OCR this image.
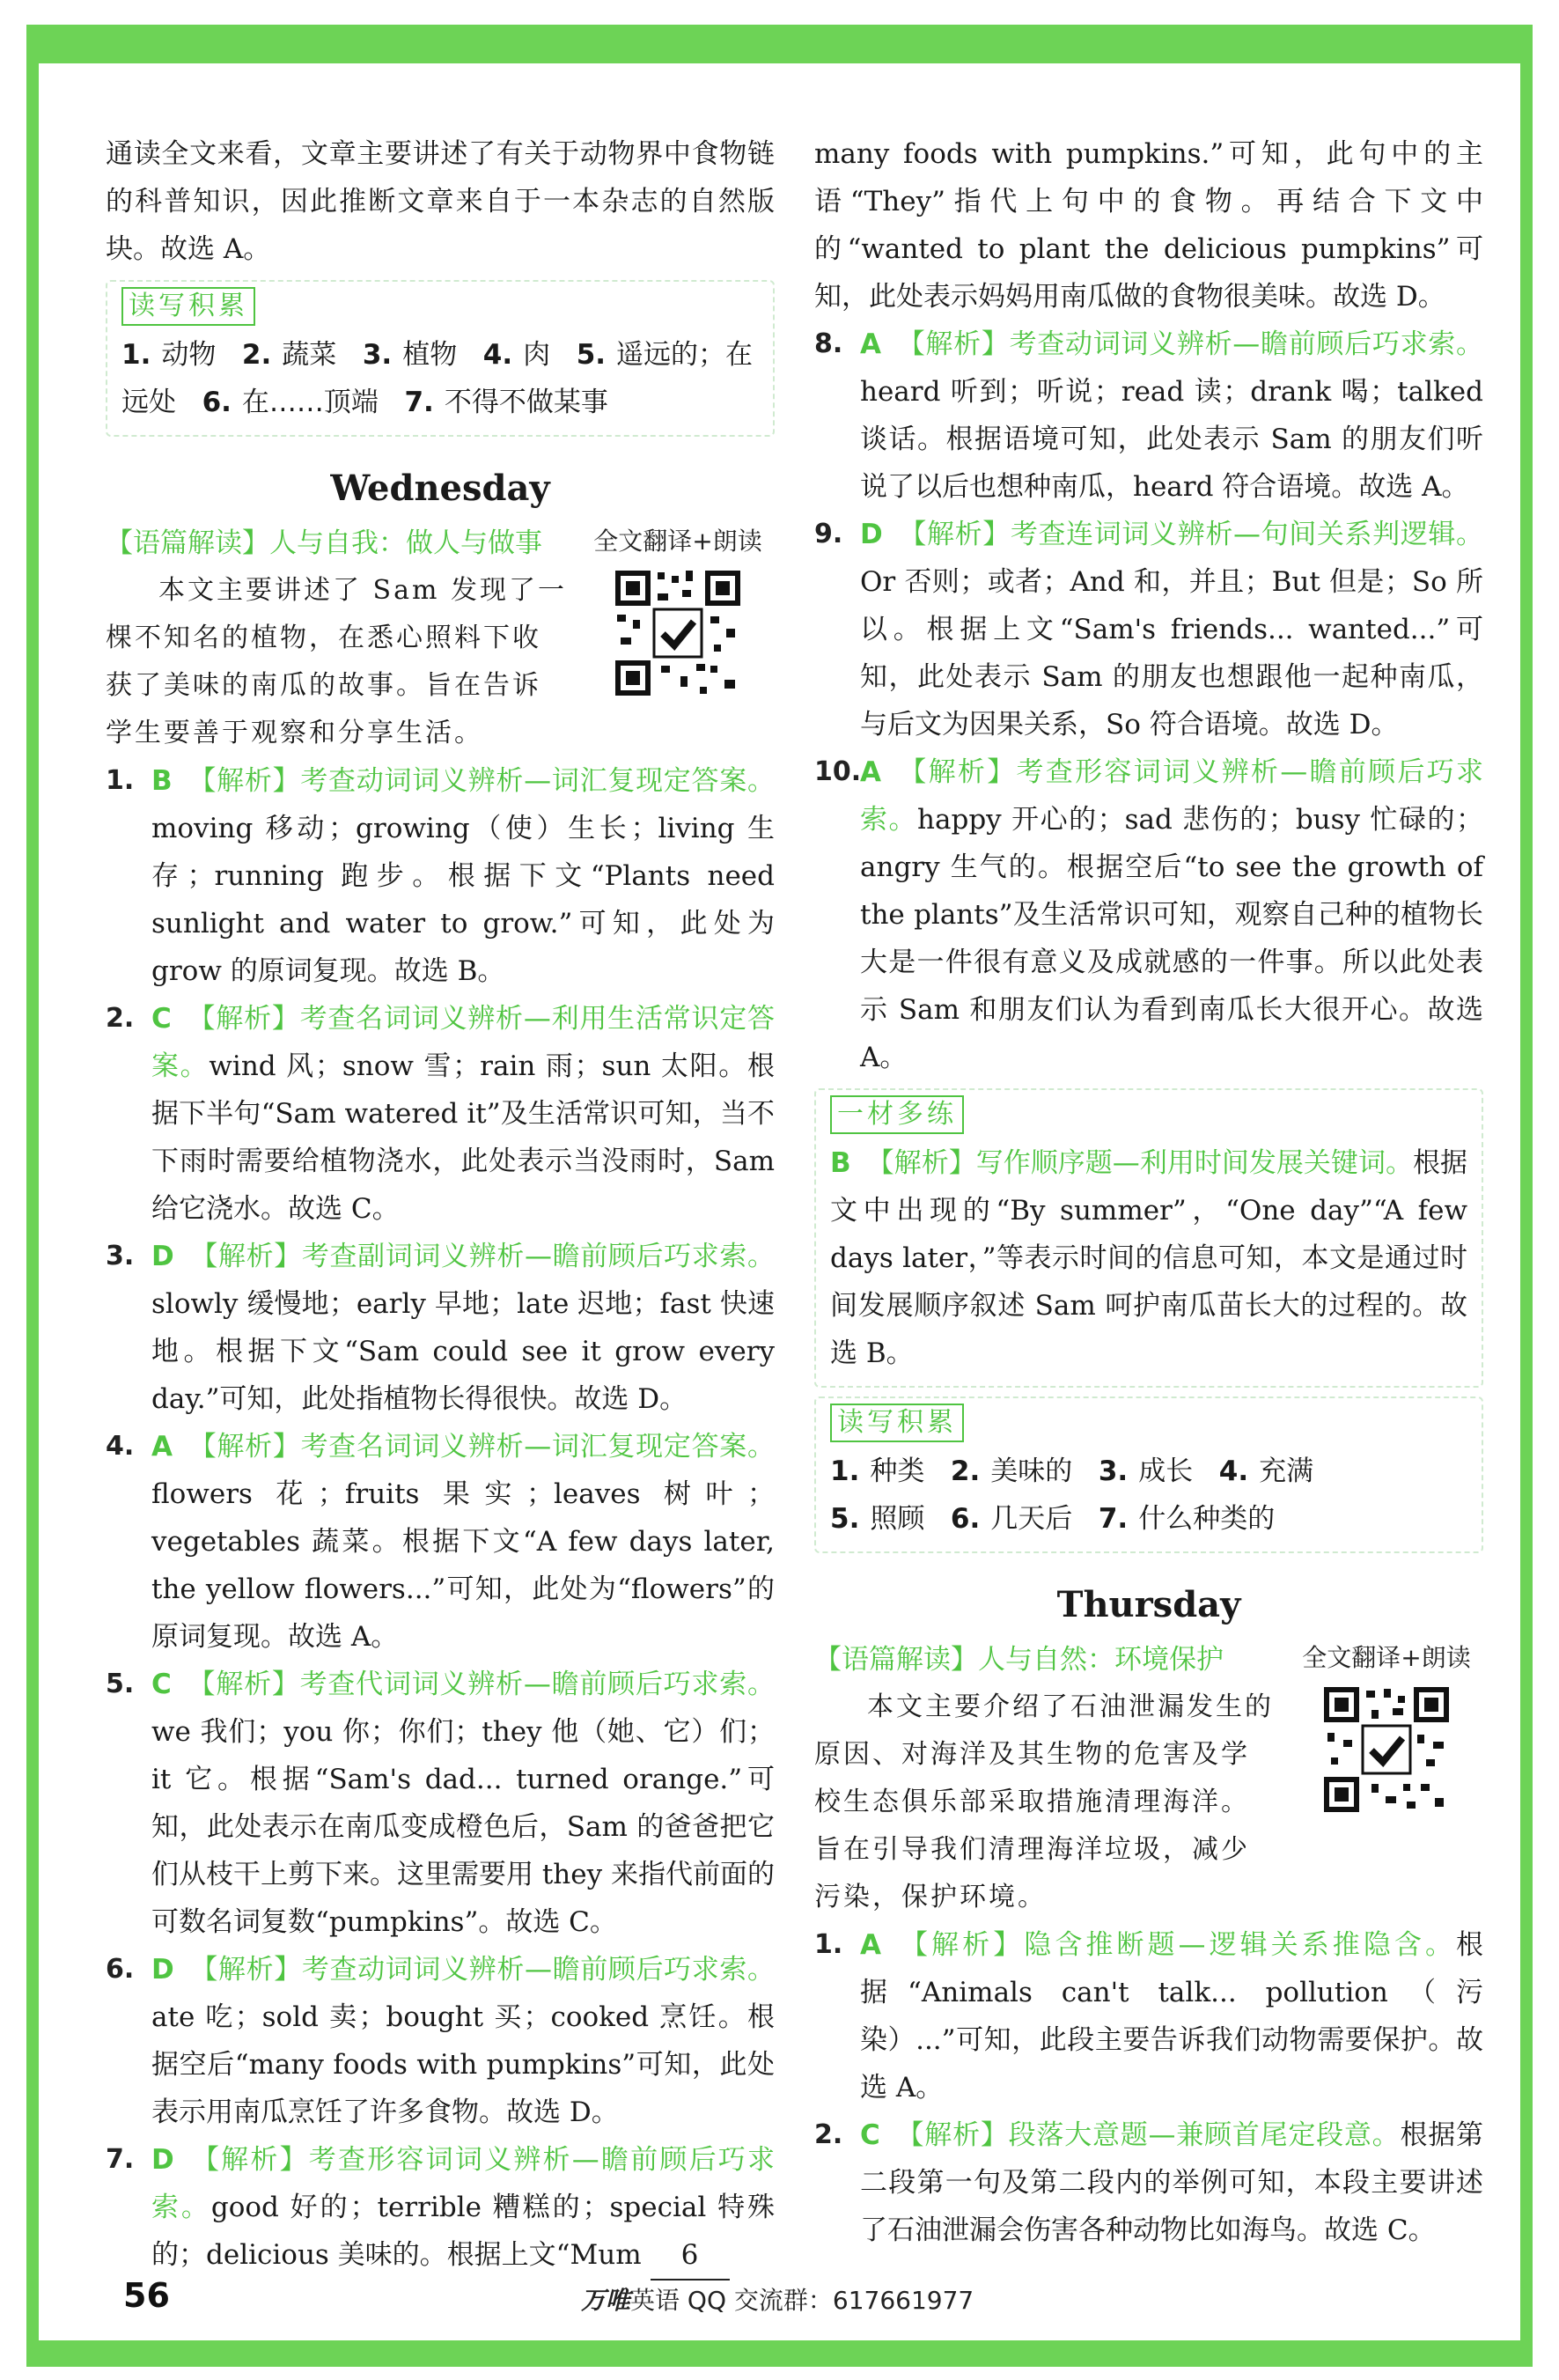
通读全文来看，文章主要讲述了有关于动物界中食物链的科普知识，因此推断文章来自于一本杂志的自然版块。故选 A。

读写积累
1. 动物 2. 蔬菜 3. 植物 4. 肉 5. 遥远的；在远处 6. 在……顶端 7. 不得不做某事
Wednesday
全文翻译+朗读
【语篇解读】人与自我：做人与做事

本文主要讲述了 Sam 发现了一棵不知名的植物，在悉心照料下收获了美味的南瓜的故事。旨在告诉学生要善于观察和分享生活。

1. B 【解析】考查动词词义辨析—词汇复现定答案。moving 移动；growing（使）生长；living 生存；running 跑步。根据下文“Plants need sunlight and water to grow.”可知，此处为 grow 的原词复现。故选 B。
2. C 【解析】考查名词词义辨析—利用生活常识定答案。wind 风；snow 雪；rain 雨；sun 太阳。根据下半句“Sam watered it”及生活常识可知，当不下雨时需要给植物浇水，此处表示当没雨时，Sam 给它浇水。故选 C。
3. D 【解析】考查副词词义辨析—瞻前顾后巧求索。slowly 缓慢地；early 早地；late 迟地；fast 快速地。根据下文“Sam could see it grow every day.”可知，此处指植物长得很快。故选 D。
4. A 【解析】考查名词词义辨析—词汇复现定答案。flowers 花；fruits 果实；leaves 树叶；vegetables 蔬菜。根据下文“A few days later, the yellow flowers...”可知，此处为“flowers”的原词复现。故选 A。
5. C 【解析】考查代词词义辨析—瞻前顾后巧求索。we 我们；you 你；你们；they 他（她、它）们；it 它。根据“Sam's dad... turned orange.”可知，此处表示在南瓜变成橙色后，Sam 的爸爸把它们从枝干上剪下来。这里需要用 they 来指代前面的可数名词复数“pumpkins”。故选 C。
6. D 【解析】考查动词词义辨析—瞻前顾后巧求索。ate 吃；sold 卖；bought 买；cooked 烹饪。根据空后“many foods with pumpkins”可知，此处表示用南瓜烹饪了许多食物。故选 D。
7. D 【解析】考查形容词词义辨析—瞻前顾后巧求索。good 好的；terrible 糟糕的；special 特殊的；delicious 美味的。根据上文“Mum 6

many foods with pumpkins.”可知，此句中的主语“They”指代上句中的食物。再结合下文中的“wanted to plant the delicious pumpkins”可知，此处表示妈妈用南瓜做的食物很美味。故选 D。

8. A 【解析】考查动词词义辨析—瞻前顾后巧求索。heard 听到；听说；read 读；drank 喝；talked 谈话。根据语境可知，此处表示 Sam 的朋友们听说了以后也想种南瓜，heard 符合语境。故选 A。
9. D 【解析】考查连词词义辨析—句间关系判逻辑。Or 否则；或者；And 和，并且；But 但是；So 所以。根据上文“Sam's friends... wanted...”可知，此处表示 Sam 的朋友也想跟他一起种南瓜，与后文为因果关系，So 符合语境。故选 D。
10.
A 【解析】考查形容词词义辨析—瞻前顾后巧求索。happy 开心的；sad 悲伤的；busy 忙碌的；angry 生气的。根据空后“to see the growth of the plants”及生活常识可知，观察自己种的植物长大是一件很有意义及成就感的一件事。所以此处表示 Sam 和朋友们认为看到南瓜长大很开心。故选 A。
一材多练

B 【解析】写作顺序题—利用时间发展关键词。根据文中出现的“By summer”，“One day”“A few days later，”等表示时间的信息可知，本文是通过时间发展顺序叙述 Sam 呵护南瓜苗长大的过程的。故选 B。

读写积累
1. 种类 2. 美味的 3. 成长 4. 充满
5. 照顾 6. 几天后 7. 什么种类的
Thursday
全文翻译+朗读
【语篇解读】人与自然：环境保护

本文主要介绍了石油泄漏发生的原因、对海洋及其生物的危害及学校生态俱乐部采取措施清理海洋。旨在引导我们清理海洋垃圾，减少污染，保护环境。

1. A 【解析】隐含推断题—逻辑关系推隐含。根据“Animals can't talk... pollution（污染）...”可知，此段主要告诉我们动物需要保护。故选 A。
2. C 【解析】段落大意题—兼顾首尾定段意。根据第二段第一句及第二段内的举例可知，本段主要讲述了石油泄漏会伤害各种动物比如海鸟。故选 C。
56	万唯英语 QQ 交流群：617661977
